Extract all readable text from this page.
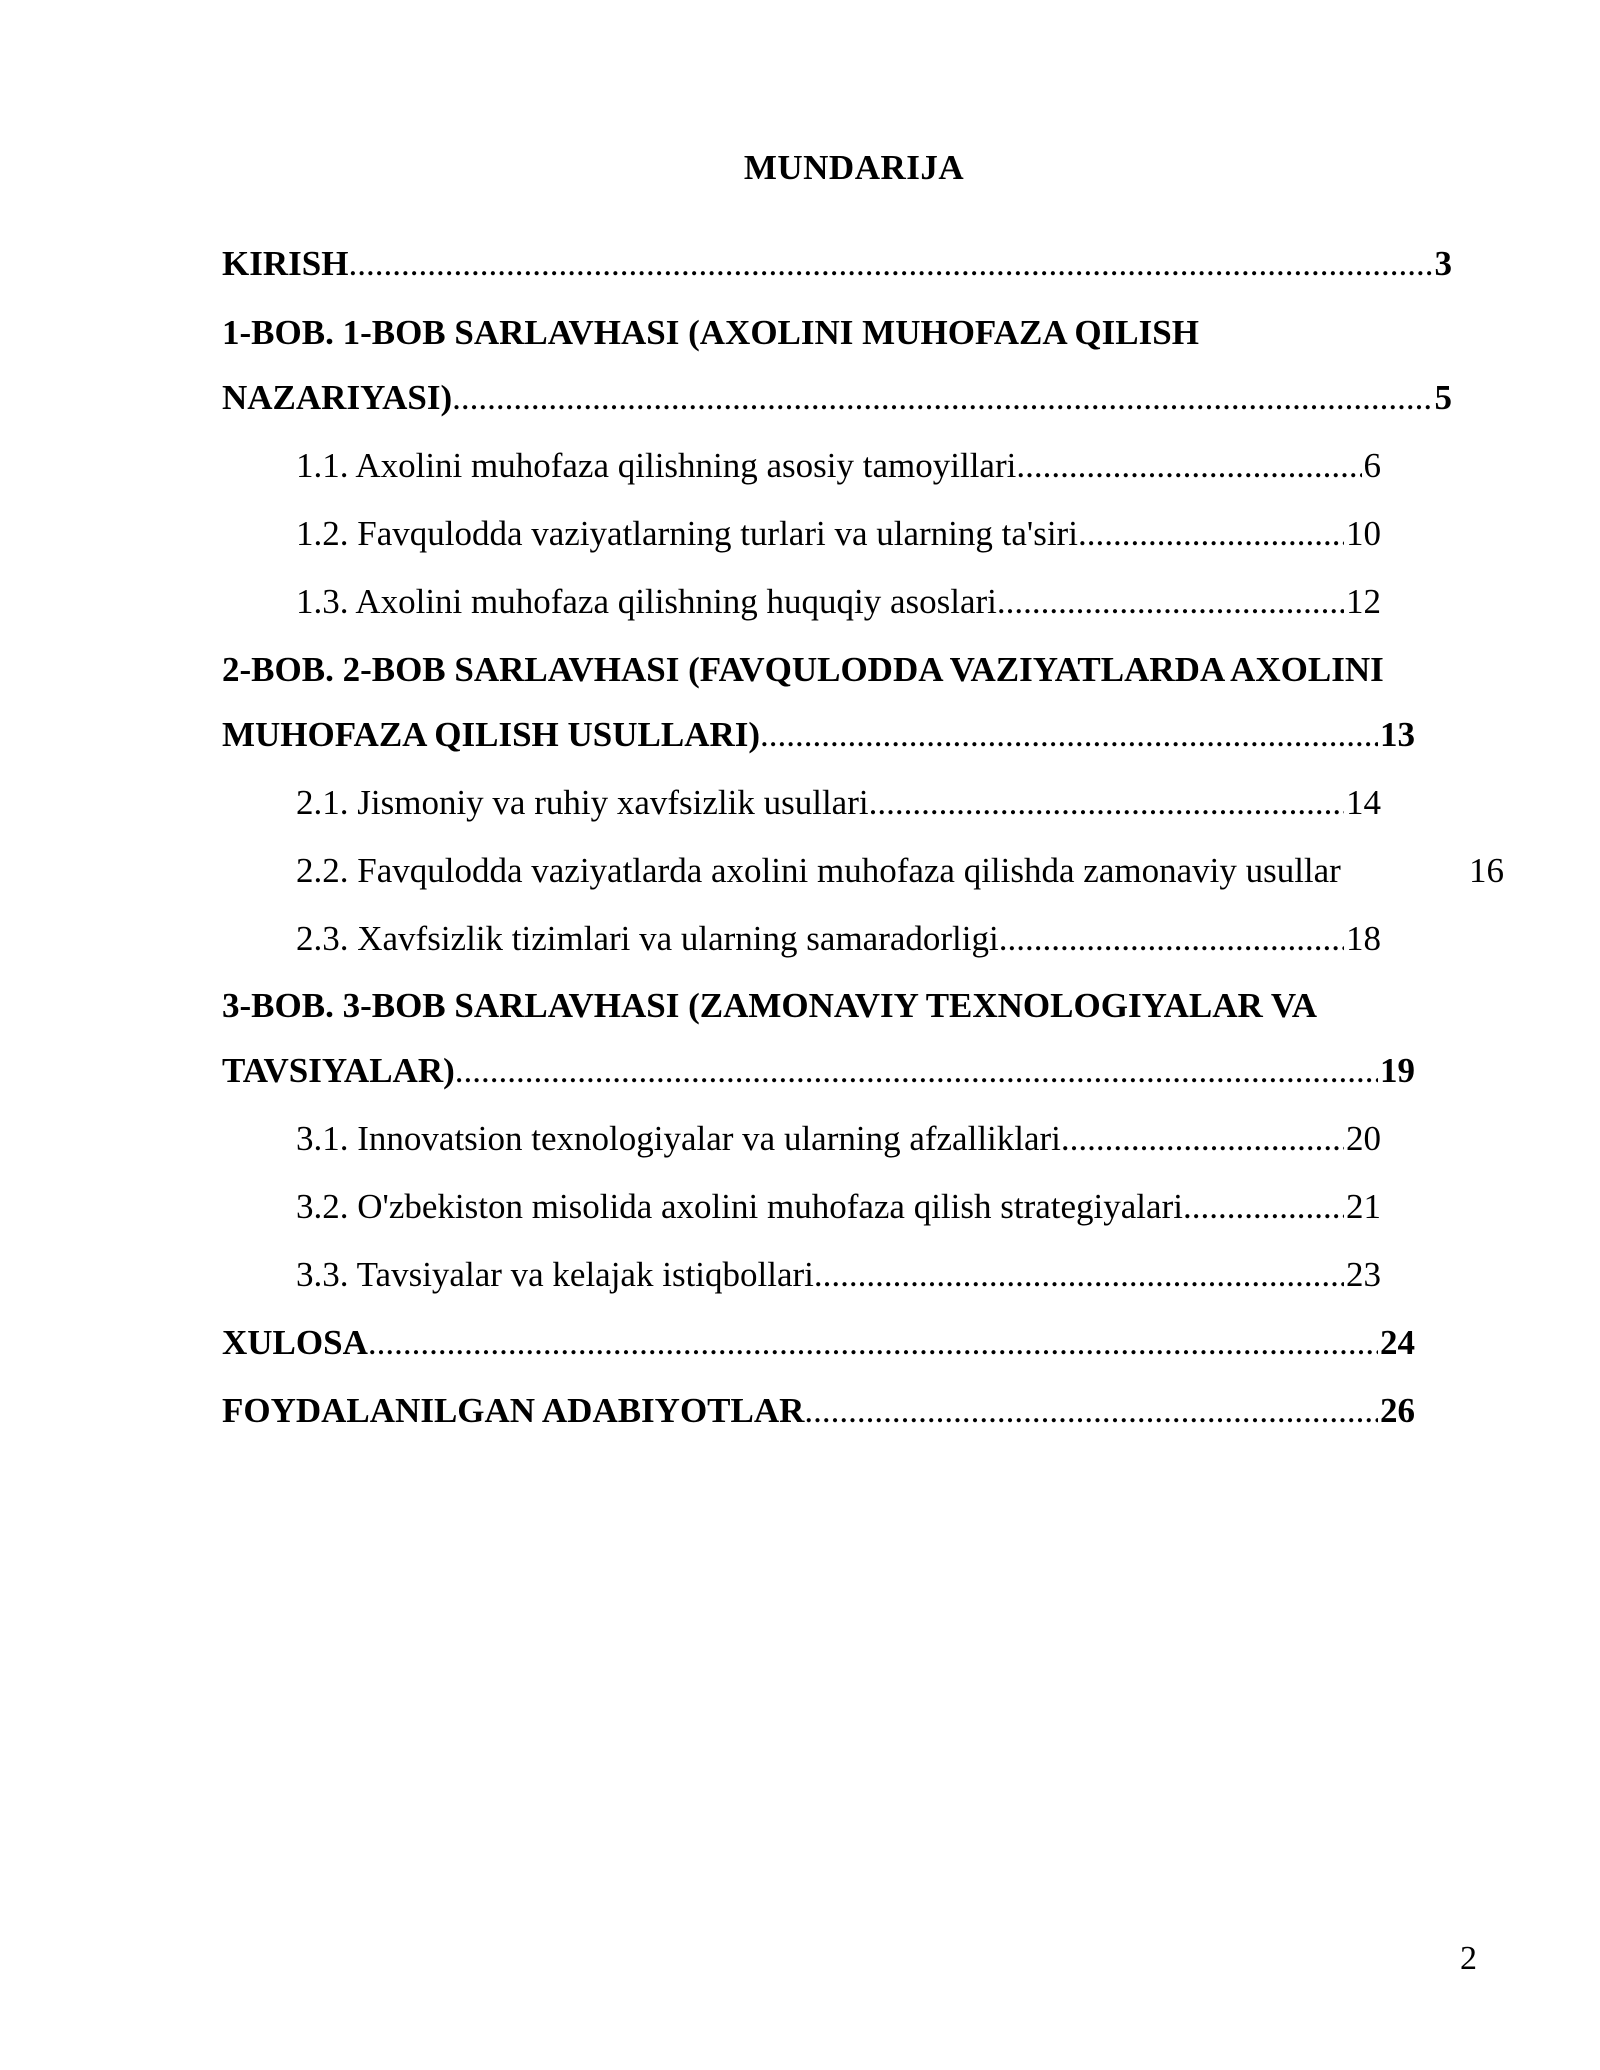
MUNDARIJA
KIRISH .....	3
1-BOB. 1-BOB SARLAVHASI (AXOLINI MUHOFAZA QILISH
NAZARIYASI) .....	5
1.1. Axolini muhofaza qilishning asosiy tamoyillari .....	6
1.2. Favqulodda vaziyatlarning turlari va ularning ta'siri .....	10
1.3. Axolini muhofaza qilishning huquqiy asoslari .....	12
2-BOB. 2-BOB SARLAVHASI (FAVQULODDA VAZIYATLARDA AXOLINI
MUHOFAZA QILISH USULLARI) .....	13
2.1. Jismoniy va ruhiy xavfsizlik usullari .....	14
2.2. Favqulodda vaziyatlarda axolini muhofaza qilishda zamonaviy usullar	16
2.3. Xavfsizlik tizimlari va ularning samaradorligi .....	18
3-BOB. 3-BOB SARLAVHASI (ZAMONAVIY TEXNOLOGIYALAR VA
TAVSIYALAR) .....	19
3.1. Innovatsion texnologiyalar va ularning afzalliklari .....	20
3.2. O'zbekiston misolida axolini muhofaza qilish strategiyalari .....	21
3.3. Tavsiyalar va kelajak istiqbollari .....	23
XULOSA .....	24
FOYDALANILGAN ADABIYOTLAR .....	26
2
